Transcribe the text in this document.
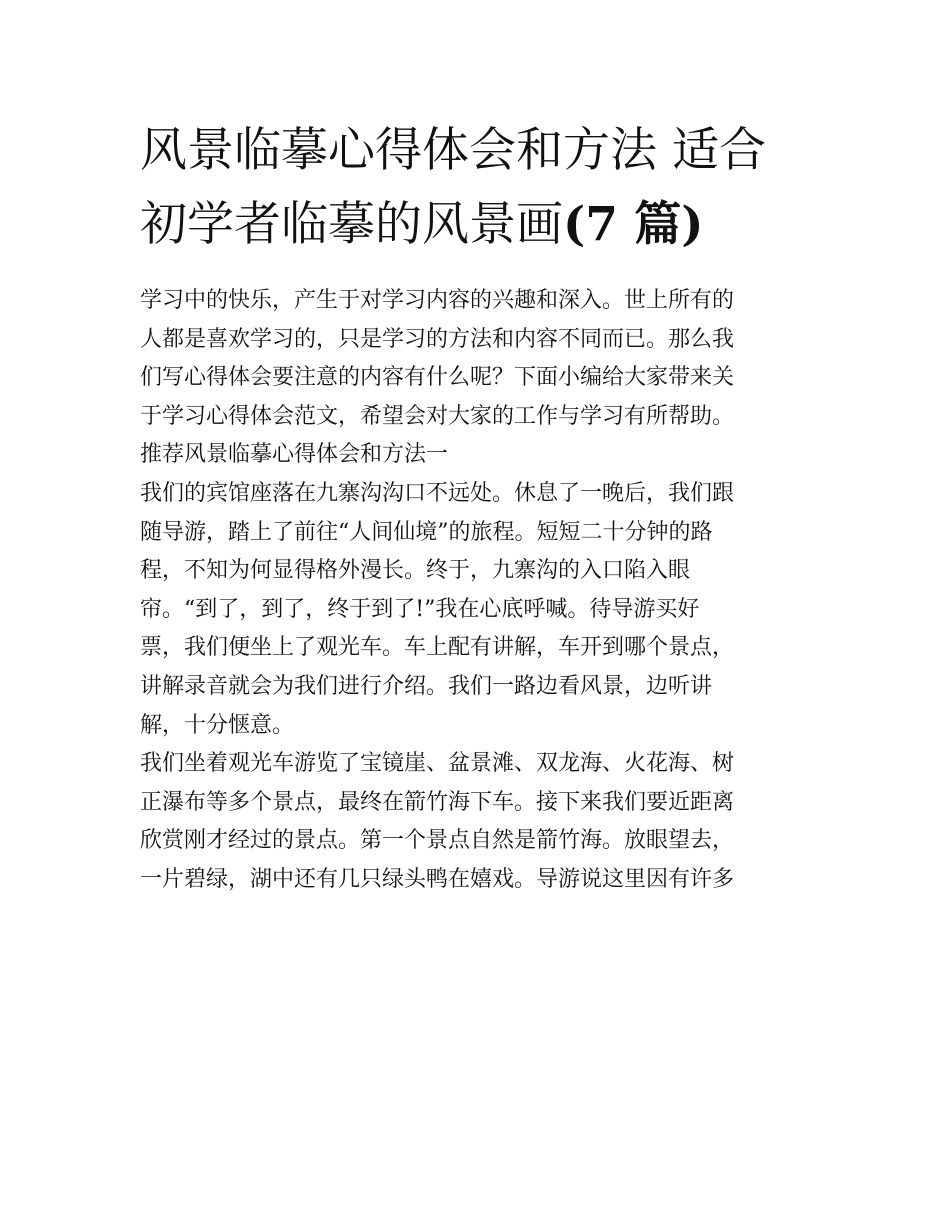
风景临摹心得体会和方法 适合
初学者临摹的风景画(7 篇)
学习中的快乐，产生于对学习内容的兴趣和深入。世上所有的
人都是喜欢学习的，只是学习的方法和内容不同而已。那么我
们写心得体会要注意的内容有什么呢？下面小编给大家带来关
于学习心得体会范文，希望会对大家的工作与学习有所帮助。
推荐风景临摹心得体会和方法一
我们的宾馆座落在九寨沟沟口不远处。休息了一晚后，我们跟
随导游，踏上了前往“人间仙境”的旅程。短短二十分钟的路
程，不知为何显得格外漫长。终于，九寨沟的入口陷入眼
帘。“到了，到了，终于到了!”我在心底呼喊。待导游买好
票，我们便坐上了观光车。车上配有讲解，车开到哪个景点，
讲解录音就会为我们进行介绍。我们一路边看风景，边听讲
解，十分惬意。
我们坐着观光车游览了宝镜崖、盆景滩、双龙海、火花海、树
正瀑布等多个景点，最终在箭竹海下车。接下来我们要近距离
欣赏刚才经过的景点。第一个景点自然是箭竹海。放眼望去，
一片碧绿，湖中还有几只绿头鸭在嬉戏。导游说这里因有许多
